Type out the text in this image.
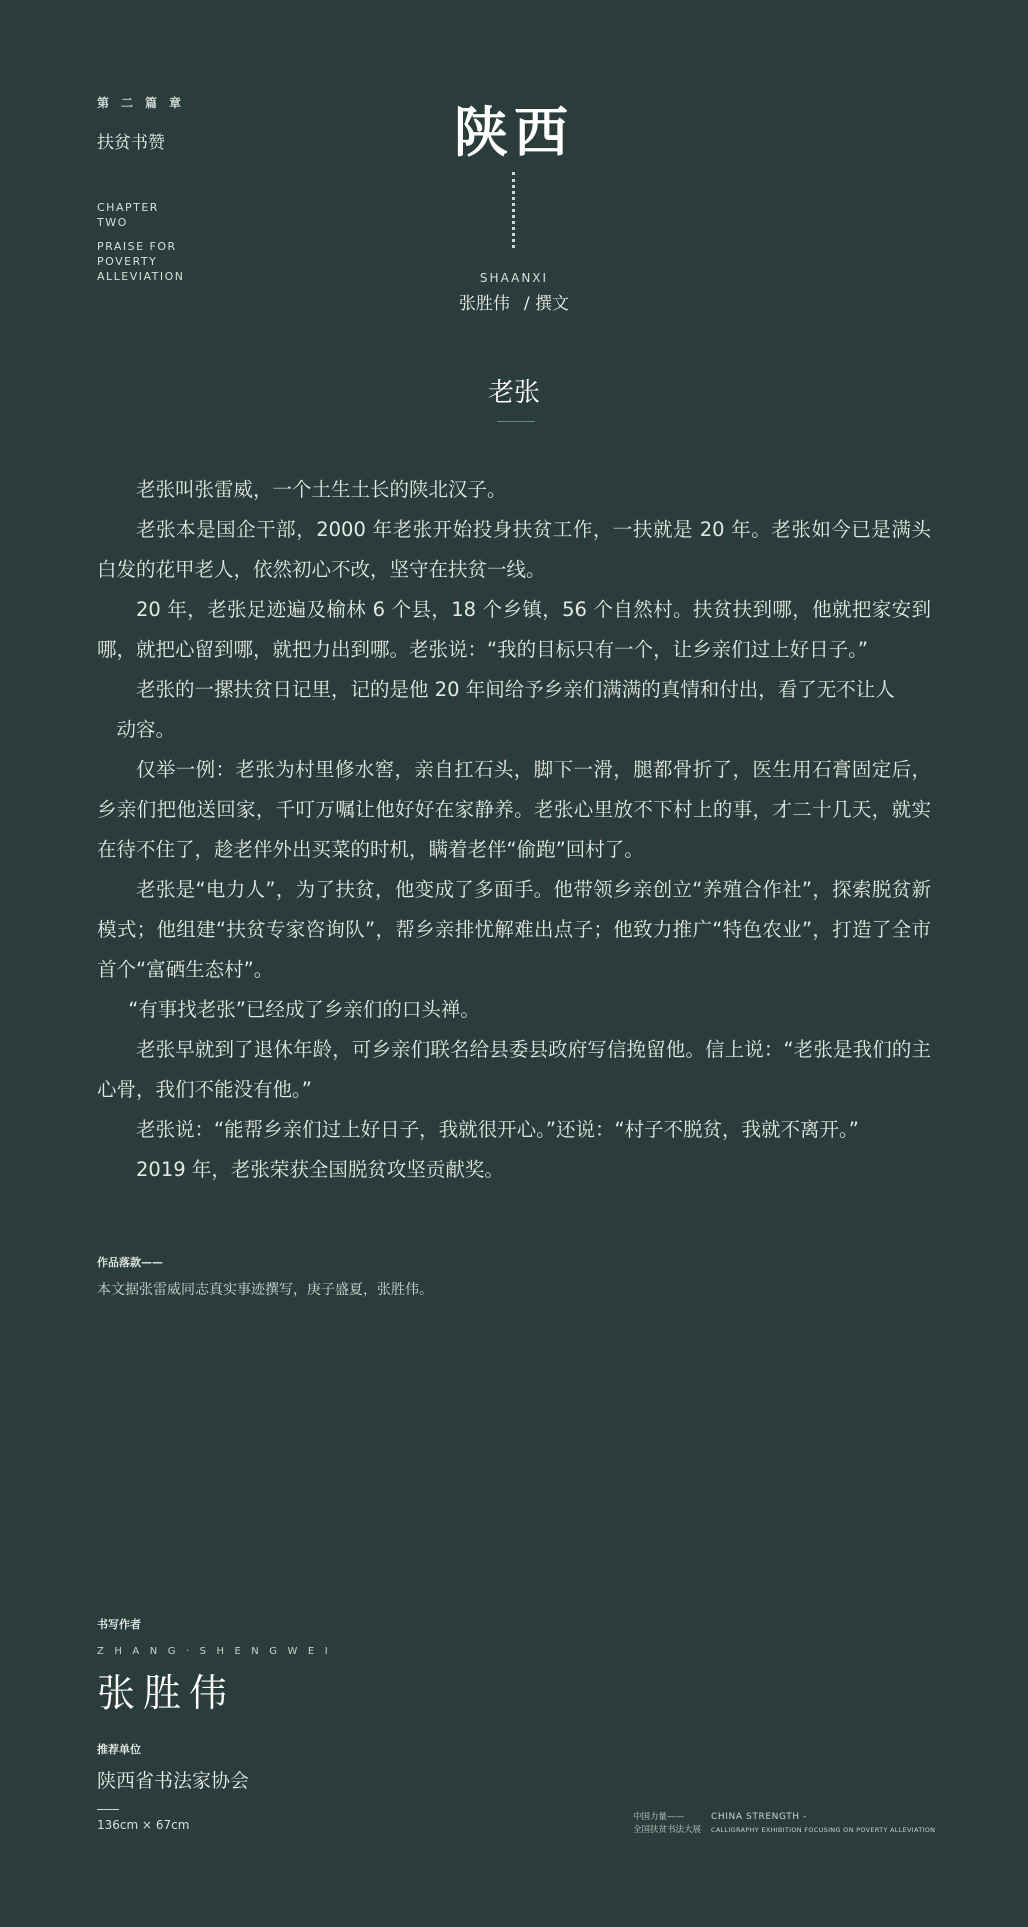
第二篇章
扶贫书赞
CHAPTER
TWO
PRAISE FOR
POVERTY
ALLEVIATION
陕西
SHAANXI
张胜伟 / 撰文
老张

老张叫张雷威，一个土生土长的陕北汉子。

老张本是国企干部，2000 年老张开始投身扶贫工作，一扶就是 20 年。老张如今已是满头白发的花甲老人，依然初心不改，坚守在扶贫一线。

20 年，老张足迹遍及榆林 6 个县，18 个乡镇，56 个自然村。扶贫扶到哪，他就把家安到哪，就把心留到哪，就把力出到哪。老张说：“我的目标只有一个，让乡亲们过上好日子。”

老张的一摞扶贫日记里，记的是他 20 年间给予乡亲们满满的真情和付出，看了无不让人

动容。

仅举一例：老张为村里修水窖，亲自扛石头，脚下一滑，腿都骨折了，医生用石膏固定后，乡亲们把他送回家，千叮万嘱让他好好在家静养。老张心里放不下村上的事，才二十几天，就实在待不住了，趁老伴外出买菜的时机，瞒着老伴“偷跑”回村了。

老张是“电力人”，为了扶贫，他变成了多面手。他带领乡亲创立“养殖合作社”，探索脱贫新模式；他组建“扶贫专家咨询队”，帮乡亲排忧解难出点子；他致力推广“特色农业”，打造了全市首个“富硒生态村”。

“有事找老张”已经成了乡亲们的口头禅。

老张早就到了退休年龄，可乡亲们联名给县委县政府写信挽留他。信上说：“老张是我们的主心骨，我们不能没有他。”

老张说：“能帮乡亲们过上好日子，我就很开心。”还说：“村子不脱贫，我就不离开。”

2019 年，老张荣获全国脱贫攻坚贡献奖。

作品落款——
本文据张雷威同志真实事迹撰写，庚子盛夏，张胜伟。
书写作者
ZHANG·SHENGWEI
张胜伟
推荐单位
陕西省书法家协会
136cm × 67cm
中国力量——
全国扶贫书法大展
CHINA STRENGTH -
CALLIGRAPHY EXHIBITION FOCUSING ON POVERTY ALLEVIATION
